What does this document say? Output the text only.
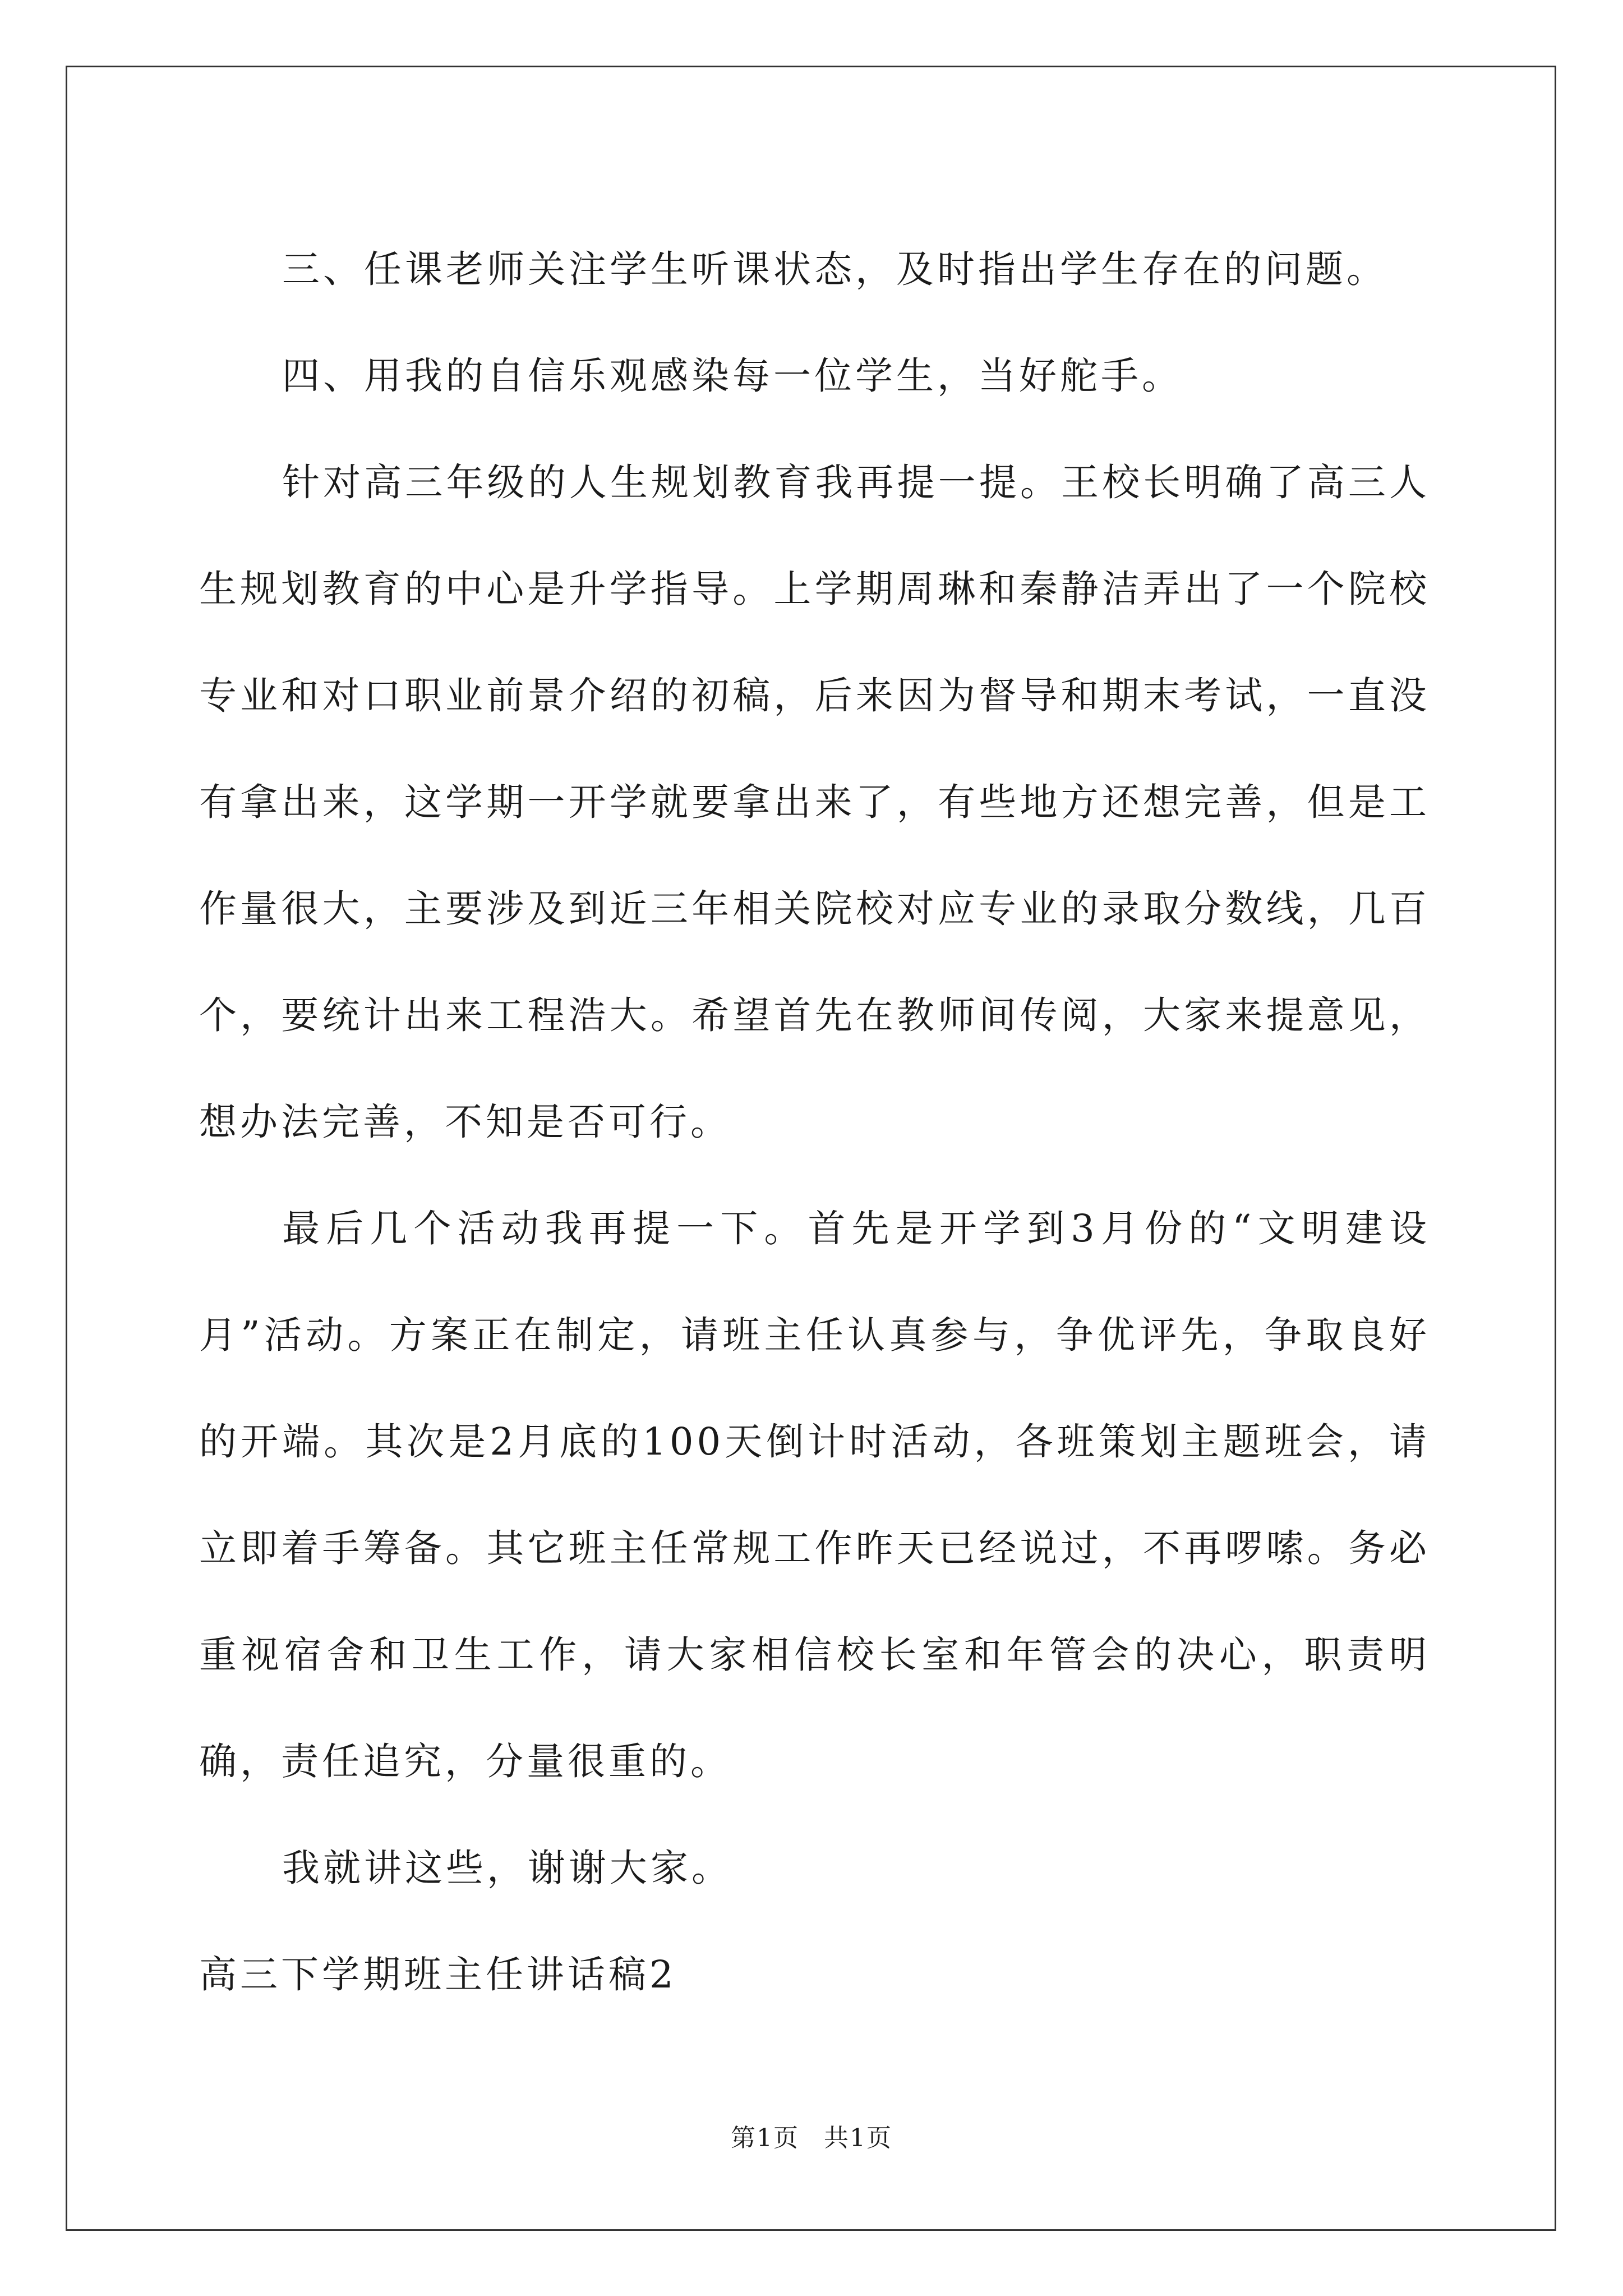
三、任课老师关注学生听课状态，及时指出学生存在的问题。

四、用我的自信乐观感染每一位学生，当好舵手。

针对高三年级的人生规划教育我再提一提。王校长明确了高三人生规划教育的中心是升学指导。上学期周琳和秦静洁弄出了一个院校专业和对口职业前景介绍的初稿，后来因为督导和期末考试，一直没有拿出来，这学期一开学就要拿出来了，有些地方还想完善，但是工作量很大，主要涉及到近三年相关院校对应专业的录取分数线，几百个，要统计出来工程浩大。希望首先在教师间传阅，大家来提意见，想办法完善，不知是否可行。

最后几个活动我再提一下。首先是开学到3月份的“文明建设月”活动。方案正在制定，请班主任认真参与，争优评先，争取良好的开端。其次是2月底的100天倒计时活动，各班策划主题班会，请立即着手筹备。其它班主任常规工作昨天已经说过，不再啰嗦。务必重视宿舍和卫生工作，请大家相信校长室和年管会的决心，职责明确，责任追究，分量很重的。

我就讲这些，谢谢大家。

高三下学期班主任讲话稿2

第1页 共1页
